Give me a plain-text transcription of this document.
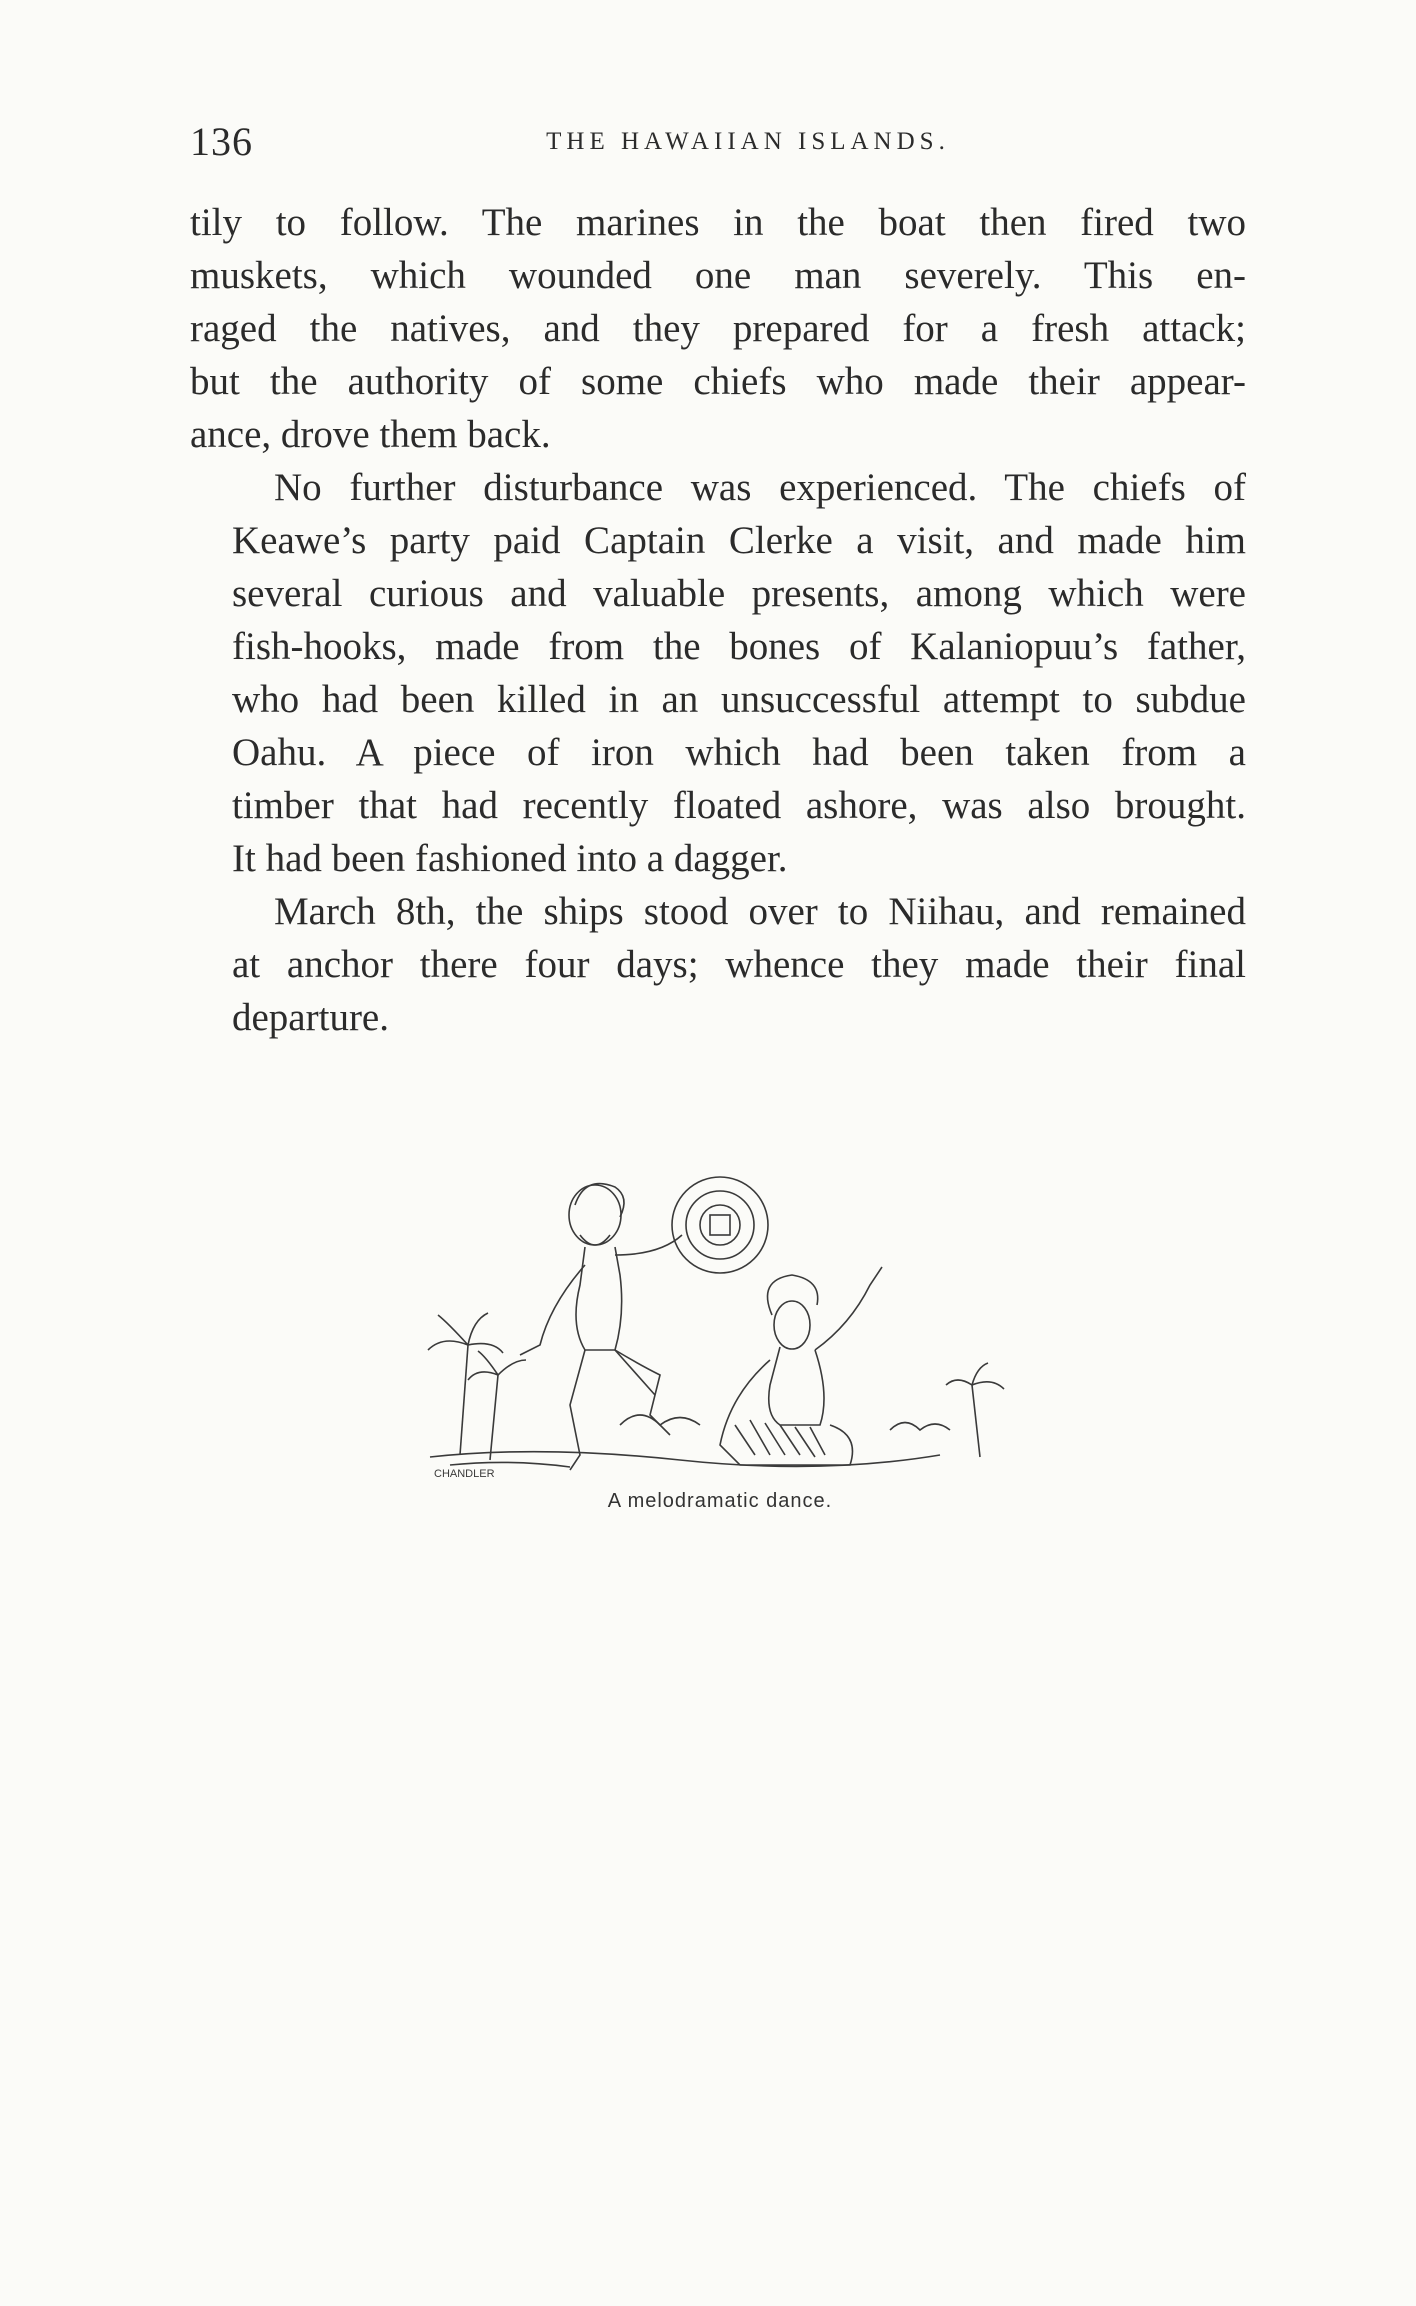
136	THE HAWAIIAN ISLANDS.

tily to follow. The marines in the boat then fired two
muskets, which wounded one man severely. This en-
raged the natives, and they prepared for a fresh attack;
but the authority of some chiefs who made their appear-
ance, drove them back.

No further disturbance was experienced. The chiefs of
Keawe’s party paid Captain Clerke a visit, and made him
several curious and valuable presents, among which were
fish-hooks, made from the bones of Kalaniopuu’s father,
who had been killed in an unsuccessful attempt to subdue
Oahu. A piece of iron which had been taken from a
timber that had recently floated ashore, was also brought.
It had been fashioned into a dagger.

March 8th, the ships stood over to Niihau, and remained
at anchor there four days; whence they made their final
departure.

CHANDLER
A melodramatic dance.
